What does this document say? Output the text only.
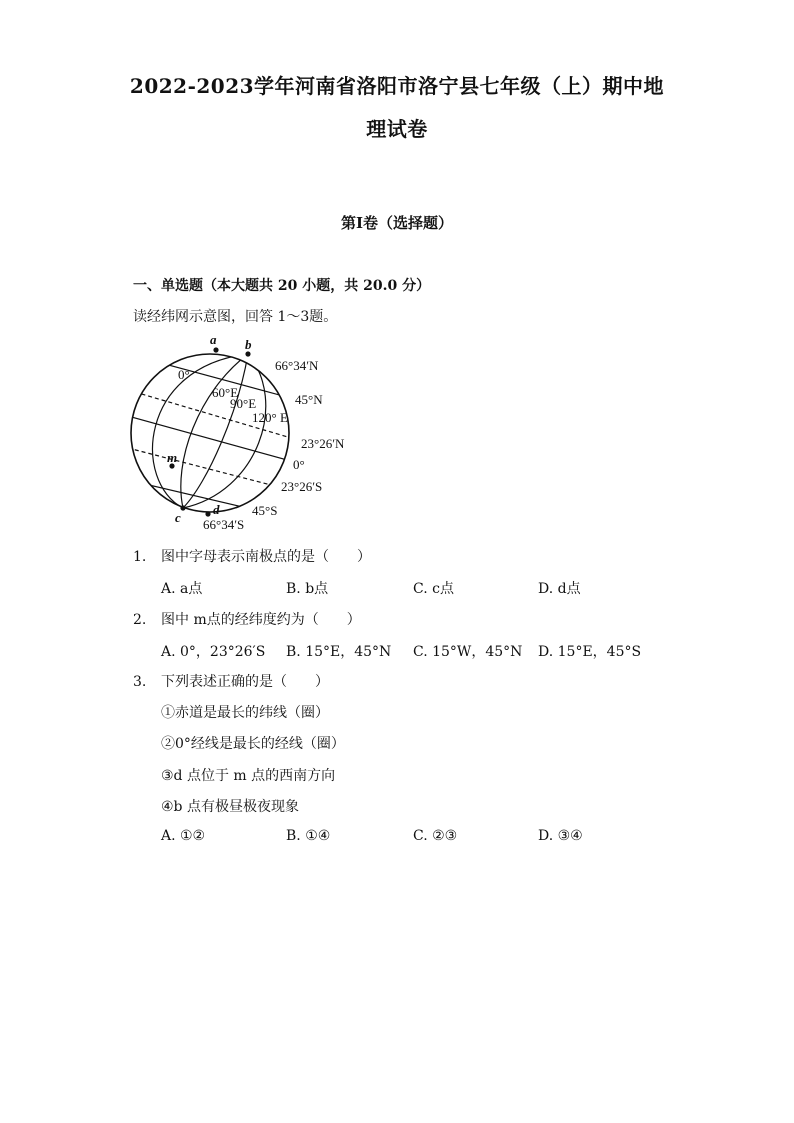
2022-2023学年河南省洛阳市洛宁县七年级（上）期中地
理试卷
第I卷（选择题）
一、单选题（本大题共 20 小题，共 20.0 分）
读经纬网示意图，回答 1～3题。
a b
c
d
m
0°
60°E
90°E
120° E
66°34′N
45°N
23°26′N
0°
23°26′S
45°S
66°34′S
1. 图中字母表示南极点的是（　　）
A. a点	B. b点	C. c点	D. d点
2. 图中 m点的经纬度约为（　　）
A. 0°，23°26′S B. 15°E，45°N C. 15°W，45°N D. 15°E，45°S
3. 下列表述正确的是（　　）
①赤道是最长的纬线（圈）
②0°经线是最长的经线（圈）
③d 点位于 m 点的西南方向
④b 点有极昼极夜现象
A. ①②	B. ①④	C. ②③	D. ③④
